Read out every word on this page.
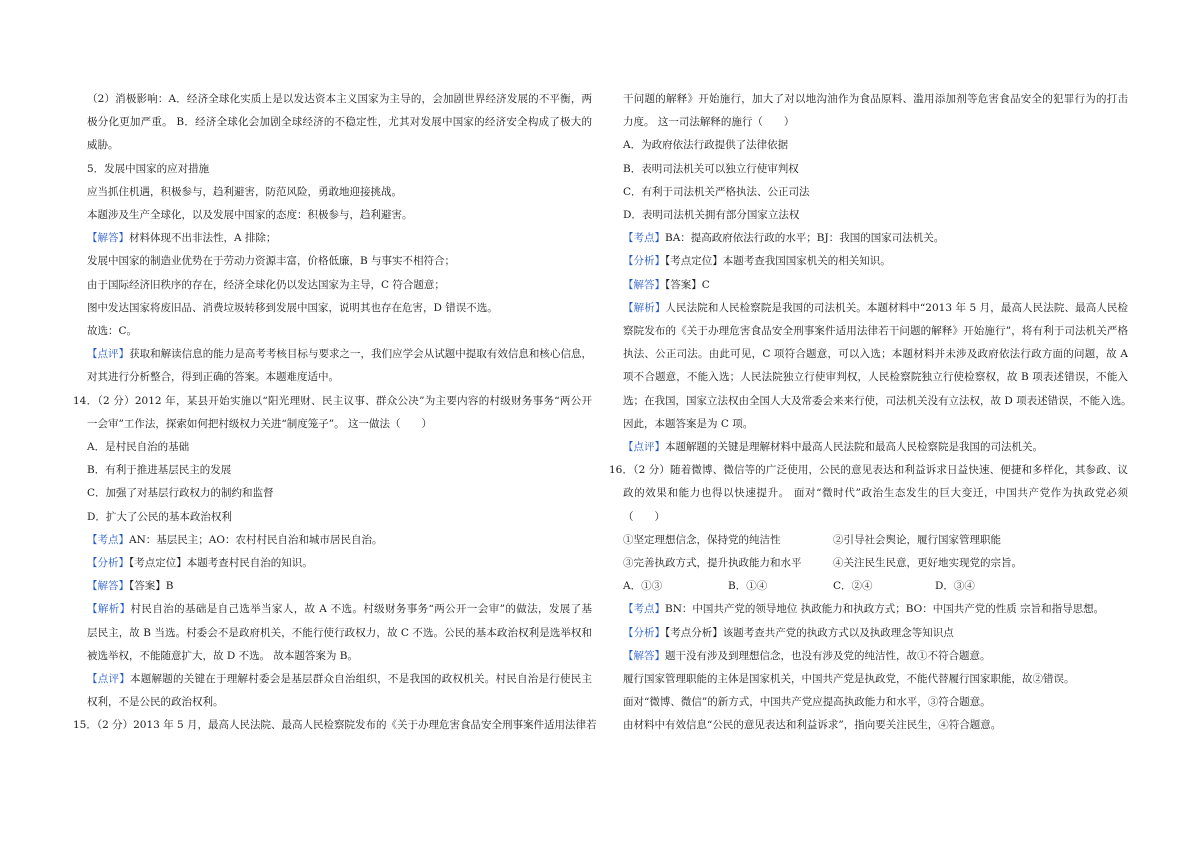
（2）消极影响：A．经济全球化实质上是以发达资本主义国家为主导的，会加剧世界经济发展的不平衡，两
极分化更加严重。 B．经济全球化会加剧全球经济的不稳定性，尤其对发展中国家的经济安全构成了极大的
威胁。
5．发展中国家的应对措施
应当抓住机遇，积极参与，趋利避害，防范风险，勇敢地迎接挑战。
本题涉及生产全球化，以及发展中国家的态度：积极参与，趋利避害。
【解答】材料体现不出非法性，A 排除；
发展中国家的制造业优势在于劳动力资源丰富，价格低廉，B 与事实不相符合；
由于国际经济旧秩序的存在，经济全球化仍以发达国家为主导，C 符合题意；
图中发达国家将废旧品、消费垃圾转移到发展中国家，说明其也存在危害，D 错误不选。
故选：C。
【点评】获取和解读信息的能力是高考考核目标与要求之一，我们应学会从试题中提取有效信息和核心信息，
对其进行分析整合，得到正确的答案。本题难度适中。
14．（2 分）2012 年，某县开始实施以“阳光理财、民主议事、群众公决”为主要内容的村级财务事务“两公开
一会审”工作法，探索如何把村级权力关进“制度笼子”。 这一做法（　　）
A．是村民自治的基础
B．有利于推进基层民主的发展
C．加强了对基层行政权力的制约和监督
D．扩大了公民的基本政治权利
【考点】AN：基层民主；AO：农村村民自治和城市居民自治。
【分析】【考点定位】本题考查村民自治的知识。
【解答】【答案】B
【解析】村民自治的基础是自己选举当家人，故 A 不选。村级财务事务“两公开一会审”的做法，发展了基
层民主，故 B 当选。村委会不是政府机关，不能行使行政权力，故 C 不选。公民的基本政治权利是选举权和
被选举权，不能随意扩大，故 D 不选。 故本题答案为 B。
【点评】本题解题的关键在于理解村委会是基层群众自治组织，不是我国的政权机关。村民自治是行使民主
权利，不是公民的政治权利。
15．（2 分）2013 年 5 月，最高人民法院、最高人民检察院发布的《关于办理危害食品安全刑事案件适用法律若
干问题的解释》开始施行，加大了对以地沟油作为食品原料、滥用添加剂等危害食品安全的犯罪行为的打击
力度。 这一司法解释的施行（　　）
A．为政府依法行政提供了法律依据
B．表明司法机关可以独立行使审判权
C．有利于司法机关严格执法、公正司法
D．表明司法机关拥有部分国家立法权
【考点】BA：提高政府依法行政的水平；BJ：我国的国家司法机关。
【分析】【考点定位】本题考查我国国家机关的相关知识。
【解答】【答案】C
【解析】人民法院和人民检察院是我国的司法机关。本题材料中“2013 年 5 月，最高人民法院、最高人民检
察院发布的《关于办理危害食品安全刑事案件适用法律若干问题的解释》开始施行”，将有利于司法机关严格
执法、公正司法。由此可见，C 项符合题意，可以入选；本题材料并未涉及政府依法行政方面的问题，故 A
项不合题意，不能入选；人民法院独立行使审判权，人民检察院独立行使检察权，故 B 项表述错误，不能入
选；在我国，国家立法权由全国人大及常委会来来行使，司法机关没有立法权，故 D 项表述错误，不能入选。
因此，本题答案是为 C 项。
【点评】本题解题的关键是理解材料中最高人民法院和最高人民检察院是我国的司法机关。
16．（2 分）随着微博、微信等的广泛使用，公民的意见表达和利益诉求日益快速、便捷和多样化，其参政、议
政的效果和能力也得以快速提升。 面对“微时代”政治生态发生的巨大变迁，中国共产党作为执政党必须
（　　）
①坚定理想信念，保持党的纯洁性	②引导社会舆论，履行国家管理职能
③完善执政方式，提升执政能力和水平	④关注民生民意，更好地实现党的宗旨。
A．①③	B．①④	C．②④	D．③④
【考点】BN：中国共产党的领导地位 执政能力和执政方式；BO：中国共产党的性质 宗旨和指导思想。
【分析】【考点分析】该题考查共产党的执政方式以及执政理念等知识点
【解答】题干没有涉及到理想信念，也没有涉及党的纯洁性，故①不符合题意。
履行国家管理职能的主体是国家机关，中国共产党是执政党，不能代替履行国家职能，故②错误。
面对“微博、微信”的新方式，中国共产党应提高执政能力和水平，③符合题意。
由材料中有效信息“公民的意见表达和利益诉求”，指向要关注民生，④符合题意。
